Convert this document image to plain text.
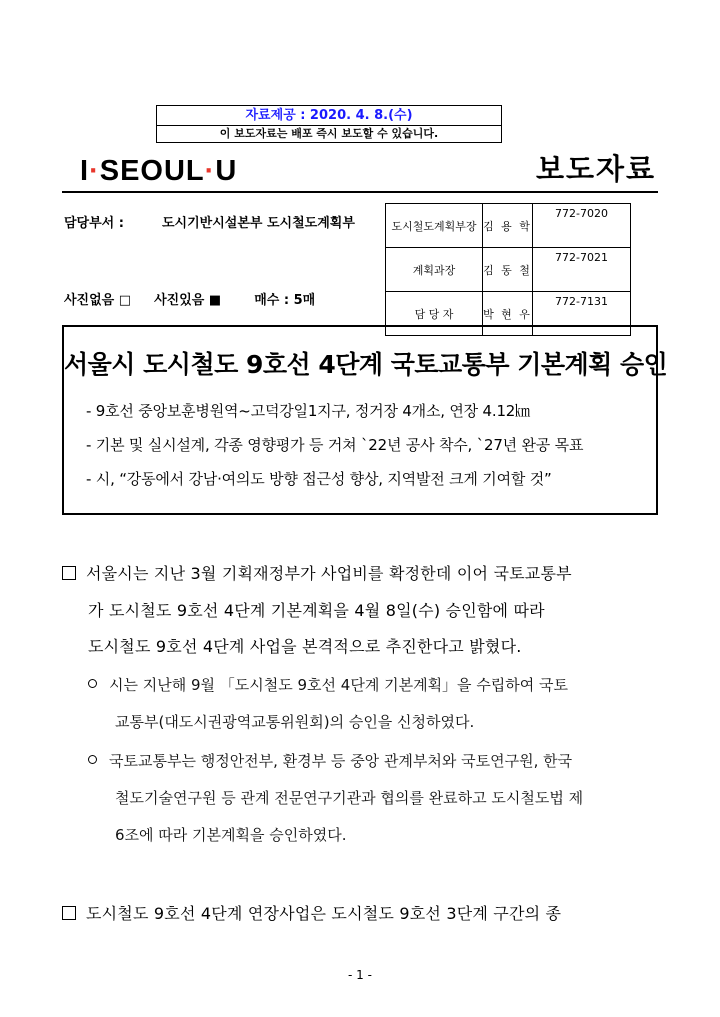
자료제공 : 2020. 4. 8.(수)
이 보도자료는 배포 즉시 보도할 수 있습니다.
I·SEOUL·U	보도자료
담당부서 :	도시기반시설본부 도시철도계획부
사진없음 □ 사진있음 ■	매수 : 5매
도시철도계획부장	김 용 학	772-7020
계획과장	김 동 철	772-7021
담 당 자	박 현 우	772-7131
서울시 도시철도 9호선 4단계 국토교통부 기본계획 승인
- 9호선 중앙보훈병원역~고덕강일1지구, 정거장 4개소, 연장 4.12㎞
- 기본 및 실시설계, 각종 영향평가 등 거쳐 `22년 공사 착수, `27년 완공 목표
- 시, “강동에서 강남·여의도 방향 접근성 향상, 지역발전 크게 기여할 것”
서울시는 지난 3월 기획재정부가 사업비를 확정한데 이어 국토교통부
가 도시철도 9호선 4단계 기본계획을 4월 8일(수) 승인함에 따라
도시철도 9호선 4단계 사업을 본격적으로 추진한다고 밝혔다.
시는 지난해 9월 「도시철도 9호선 4단계 기본계획」을 수립하여 국토
교통부(대도시권광역교통위원회)의 승인을 신청하였다.
국토교통부는 행정안전부, 환경부 등 중앙 관계부처와 국토연구원, 한국
철도기술연구원 등 관계 전문연구기관과 협의를 완료하고 도시철도법 제
6조에 따라 기본계획을 승인하였다.
도시철도 9호선 4단계 연장사업은 도시철도 9호선 3단계 구간의 종
- 1 -
